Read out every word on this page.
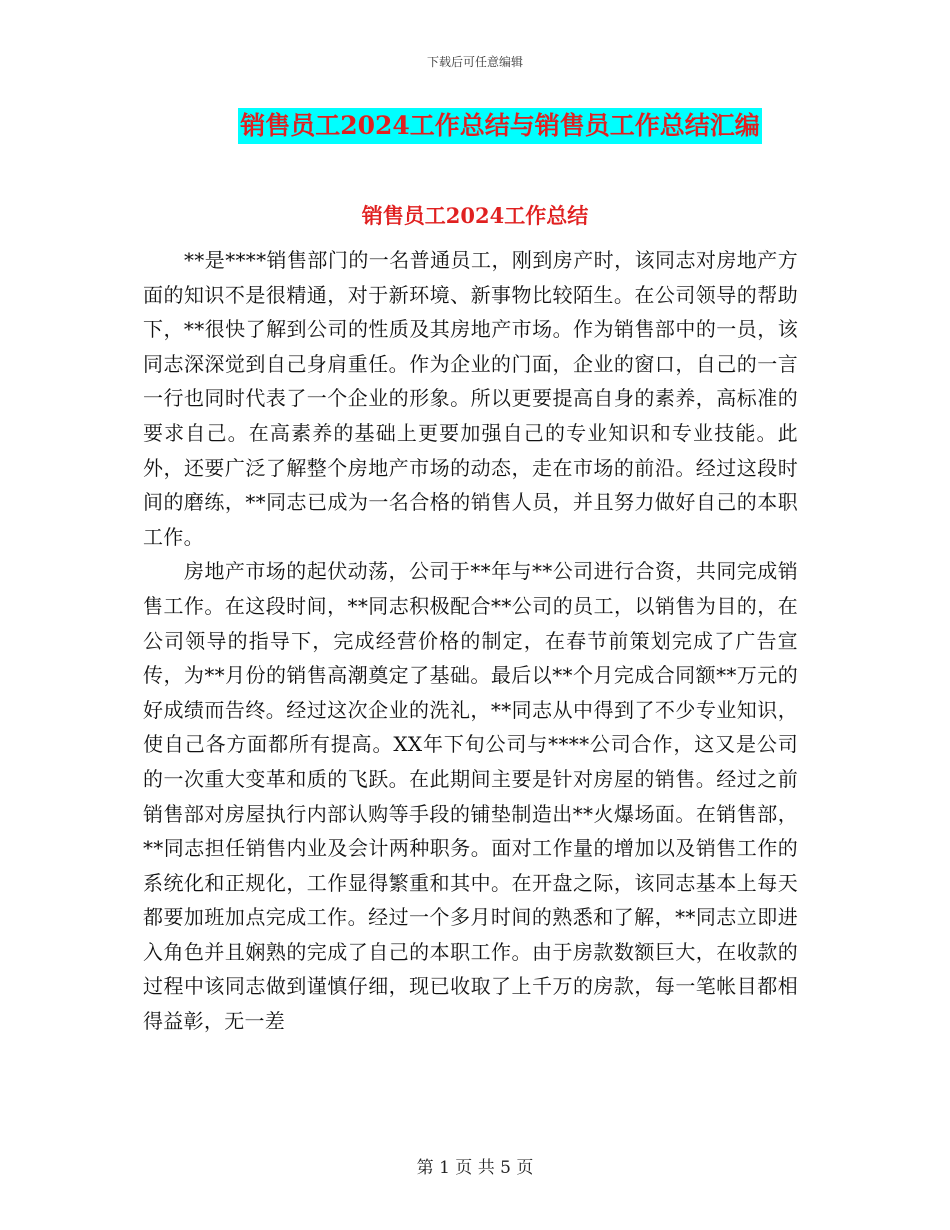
下载后可任意编辑
销售员工2024工作总结与销售员工作总结汇编
销售员工2024工作总结

**是****销售部门的一名普通员工，刚到房产时，该同志对房地产方面的知识不是很精通，对于新环境、新事物比较陌生。在公司领导的帮助下，**很快了解到公司的性质及其房地产市场。作为销售部中的一员，该同志深深觉到自己身肩重任。作为企业的门面，企业的窗口，自己的一言一行也同时代表了一个企业的形象。所以更要提高自身的素养，高标准的要求自己。在高素养的基础上更要加强自己的专业知识和专业技能。此外，还要广泛了解整个房地产市场的动态，走在市场的前沿。经过这段时间的磨练，**同志已成为一名合格的销售人员，并且努力做好自己的本职工作。

房地产市场的起伏动荡，公司于**年与**公司进行合资，共同完成销售工作。在这段时间，**同志积极配合**公司的员工，以销售为目的，在公司领导的指导下，完成经营价格的制定，在春节前策划完成了广告宣传，为**月份的销售高潮奠定了基础。最后以**个月完成合同额**万元的好成绩而告终。经过这次企业的洗礼，**同志从中得到了不少专业知识，使自己各方面都所有提高。XX年下旬公司与****公司合作，这又是公司的一次重大变革和质的飞跃。在此期间主要是针对房屋的销售。经过之前销售部对房屋执行内部认购等手段的铺垫制造出**火爆场面。在销售部，**同志担任销售内业及会计两种职务。面对工作量的增加以及销售工作的系统化和正规化，工作显得繁重和其中。在开盘之际，该同志基本上每天都要加班加点完成工作。经过一个多月时间的熟悉和了解，**同志立即进入角色并且娴熟的完成了自己的本职工作。由于房款数额巨大，在收款的过程中该同志做到谨慎仔细，现已收取了上千万的房款，每一笔帐目都相得益彰，无一差

第 1 页 共 5 页
